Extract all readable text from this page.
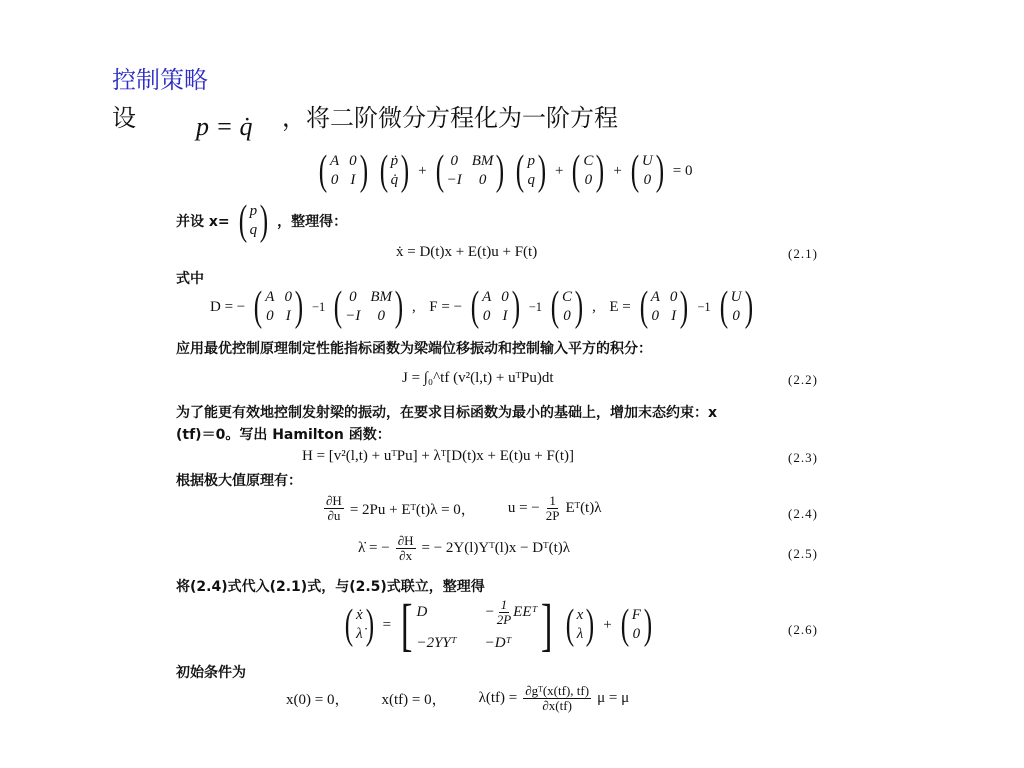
控制策略
设 p = q̇ ，将二阶微分方程化为一阶方程
( A 0
0 I ) ( ṗ
q̇ ) + ( 0 BM
−I	0 ) ( p
q ) + ( C
0 ) + ( U
0 ) = 0
并设 x= ( p
q ) ，整理得：
ẋ = D(t)x + E(t)u + F(t)	(2.1)
式中
D = − ( A 0
0 I ) −1 ( 0 BM
−I	0 ) , F = − ( A 0
0 I ) −1 ( C
0 ) , E = ( A 0
0 I ) −1 ( U
0 )
应用最优控制原理制定性能指标函数为梁端位移振动和控制输入平方的积分：
J = ∫₀^tf (v²(l,t) + uᵀPu)dt	(2.2)
为了能更有效地控制发射梁的振动，在要求目标函数为最小的基础上，增加末态约束：x
(tf)＝0。写出 Hamilton 函数：
H = [v²(l,t) + uᵀPu] + λᵀ[D(t)x + E(t)u + F(t)]	(2.3)
根据极大值原理有：
$\frac{\partial H}{\partial u} = 2Pu$ + Eᵀ(t)λ = 0， u = − $\frac{1}{2P}$ Eᵀ(t)λ	(2.4)
λ̇ = − $\frac{\partial H}{\partial x}$ = − 2Y(l)Yᵀ(l)x − Dᵀ(t)λ	(2.5)
将(2.4)式代入(2.1)式，与(2.5)式联立，整理得
( ẋ
λ̇ ) = [ D	− $\frac{1}{2P}$ EEᵀ
−2YYᵀ −Dᵀ ] ( x
λ ) + ( F
0 )	(2.6)
初始条件为
x(0) = 0， x(tf) = 0， $\lambda(tf) = \frac{\text{∂gᵀ(x(tf), tf)}}{\partial x(tf)}$ μ = μ
